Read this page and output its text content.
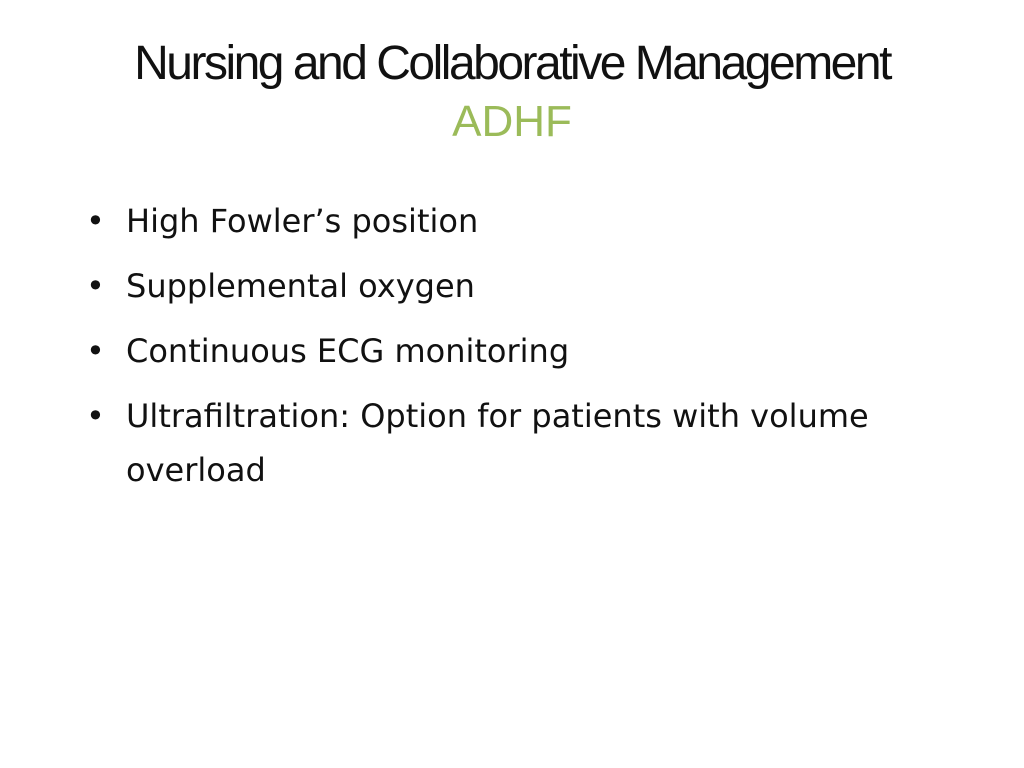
Nursing and Collaborative Management
ADHF
• High Fowler’s position
• Supplemental oxygen
• Continuous ECG monitoring
• Ultrafiltration: Option for patients with volume overload
